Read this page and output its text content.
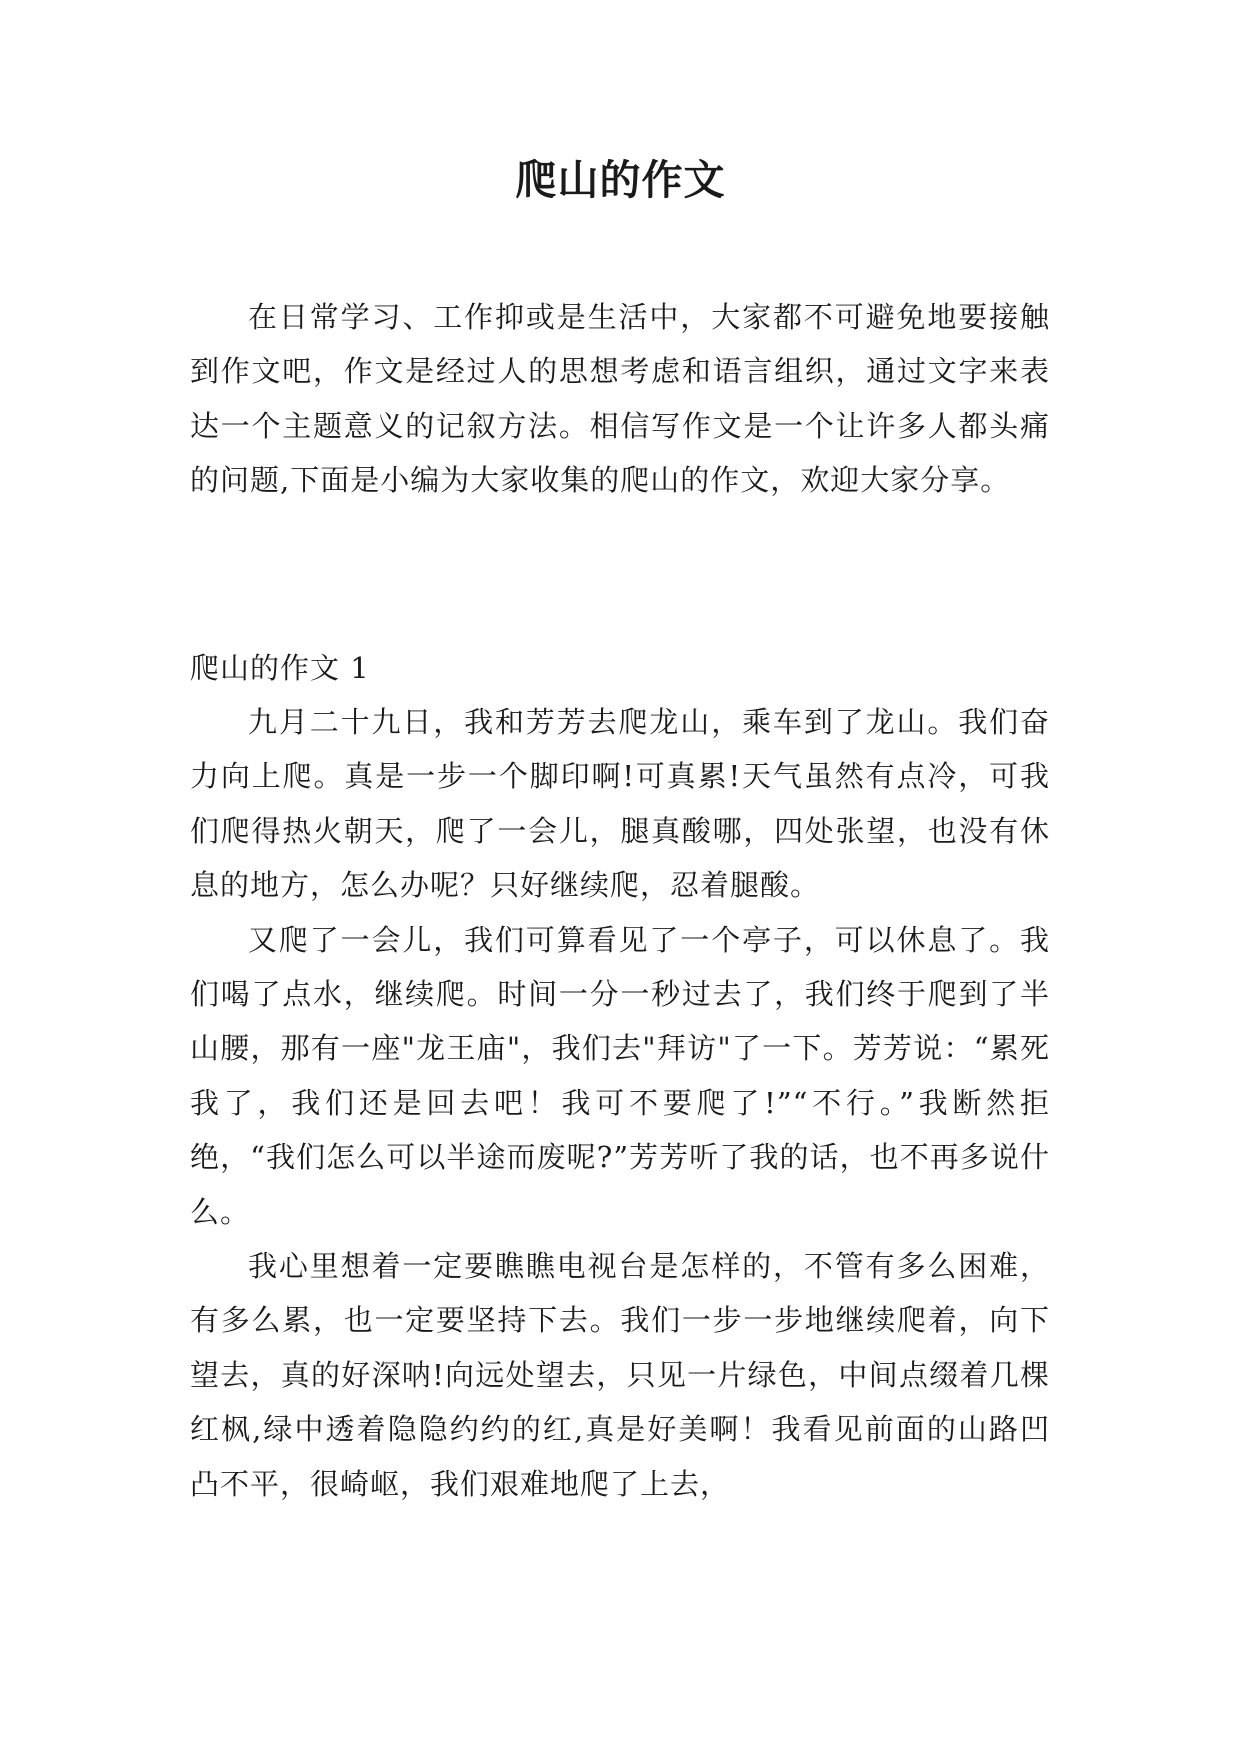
爬山的作文

在日常学习、工作抑或是生活中，大家都不可避免地要接触到作文吧，作文是经过人的思想考虑和语言组织，通过文字来表达一个主题意义的记叙方法。相信写作文是一个让许多人都头痛的问题,下面是小编为大家收集的爬山的作文，欢迎大家分享。

爬山的作文 1

九月二十九日，我和芳芳去爬龙山，乘车到了龙山。我们奋力向上爬。真是一步一个脚印啊!可真累!天气虽然有点冷，可我们爬得热火朝天，爬了一会儿，腿真酸哪，四处张望，也没有休息的地方，怎么办呢？只好继续爬，忍着腿酸。

又爬了一会儿，我们可算看见了一个亭子，可以休息了。我们喝了点水，继续爬。时间一分一秒过去了，我们终于爬到了半山腰，那有一座"龙王庙"，我们去"拜访"了一下。芳芳说：“累死我了，我们还是回去吧！我可不要爬了!”“不行。”我断然拒绝，“我们怎么可以半途而废呢?”芳芳听了我的话，也不再多说什么。

我心里想着一定要瞧瞧电视台是怎样的，不管有多么困难，有多么累，也一定要坚持下去。我们一步一步地继续爬着，向下望去，真的好深呐!向远处望去，只见一片绿色，中间点缀着几棵红枫,绿中透着隐隐约约的红,真是好美啊！我看见前面的山路凹凸不平，很崎岖，我们艰难地爬了上去，
